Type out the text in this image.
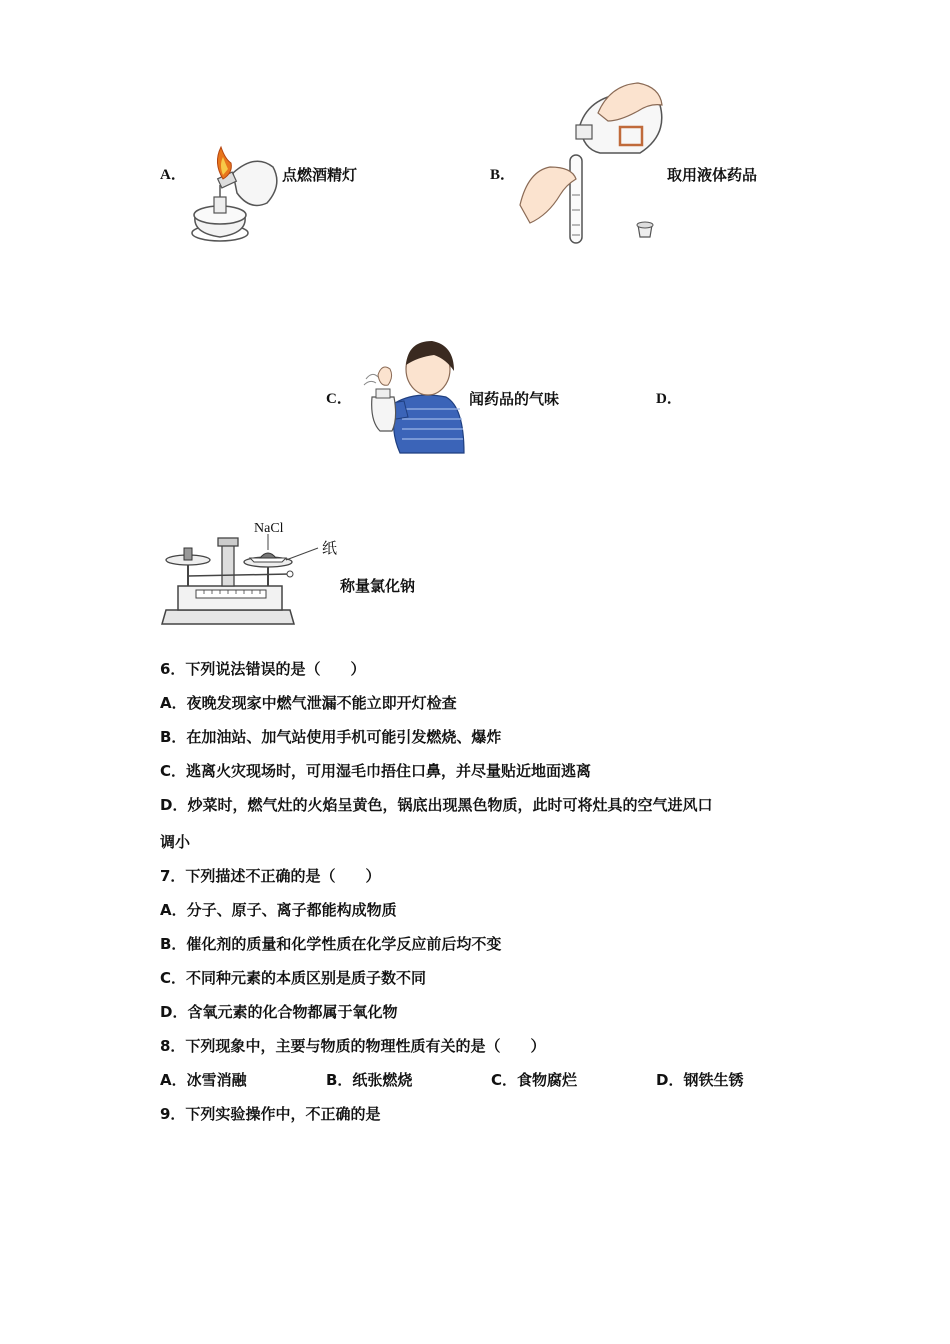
A．	点燃酒精灯	B．	取用液体药品
C．	闻药品的气味	D．
NaCl
纸
称量氯化钠
6．下列说法错误的是（　　）
A．夜晚发现家中燃气泄漏不能立即开灯检查
B．在加油站、加气站使用手机可能引发燃烧、爆炸
C．逃离火灾现场时，可用湿毛巾捂住口鼻，并尽量贴近地面逃离
D．炒菜时，燃气灶的火焰呈黄色，锅底出现黑色物质，此时可将灶具的空气进风口
调小
7．下列描述不正确的是（　　）
A．分子、原子、离子都能构成物质
B．催化剂的质量和化学性质在化学反应前后均不变
C．不同种元素的本质区别是质子数不同
D．含氧元素的化合物都属于氧化物
8．下列现象中，主要与物质的物理性质有关的是（　　）
A．冰雪消融	B．纸张燃烧	C．食物腐烂	D．钢铁生锈
9．下列实验操作中，不正确的是
